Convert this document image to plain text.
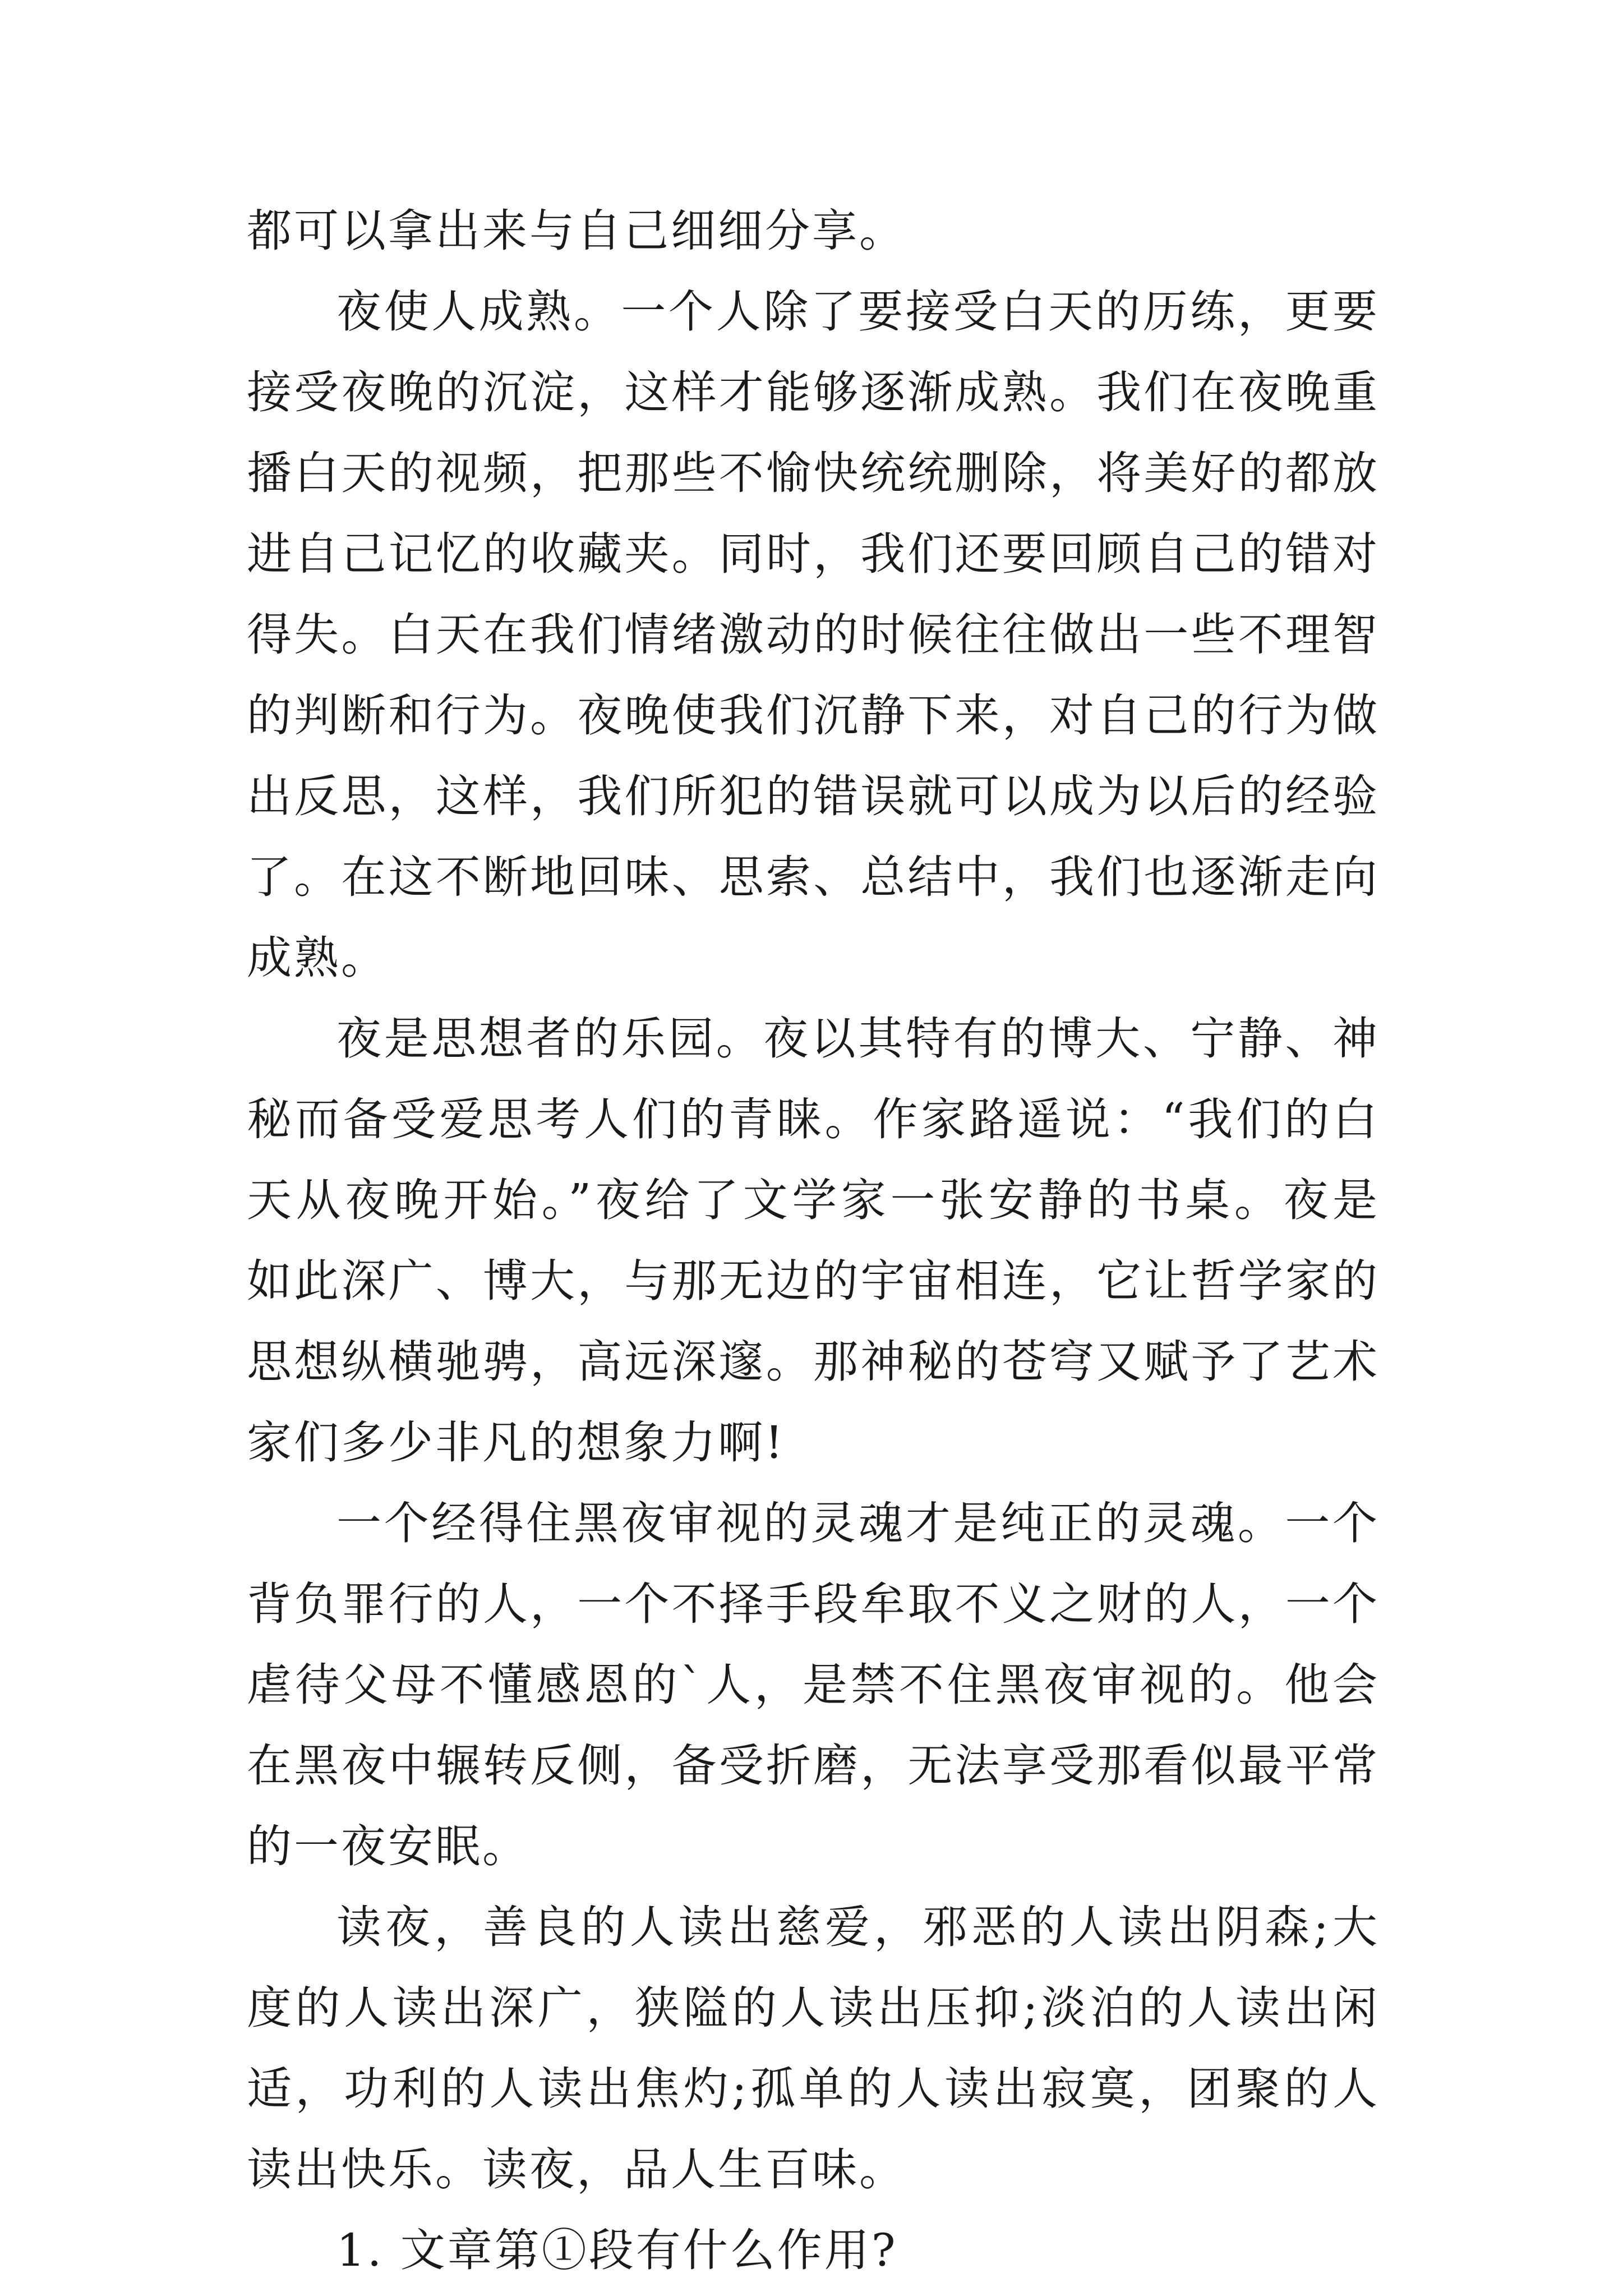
都可以拿出来与自己细细分享。

夜使人成熟。一个人除了要接受白天的历练，更要接受夜晚的沉淀，这样才能够逐渐成熟。我们在夜晚重播白天的视频，把那些不愉快统统删除，将美好的都放进自己记忆的收藏夹。同时，我们还要回顾自己的错对得失。白天在我们情绪激动的时候往往做出一些不理智的判断和行为。夜晚使我们沉静下来，对自己的行为做出反思，这样，我们所犯的错误就可以成为以后的经验了。在这不断地回味、思索、总结中，我们也逐渐走向成熟。

夜是思想者的乐园。夜以其特有的博大、宁静、神秘而备受爱思考人们的青睐。作家路遥说：“我们的白天从夜晚开始。”夜给了文学家一张安静的书桌。夜是如此深广、博大，与那无边的宇宙相连，它让哲学家的思想纵横驰骋，高远深邃。那神秘的苍穹又赋予了艺术家们多少非凡的想象力啊!

一个经得住黑夜审视的灵魂才是纯正的灵魂。一个背负罪行的人，一个不择手段牟取不义之财的人，一个虐待父母不懂感恩的`人，是禁不住黑夜审视的。他会在黑夜中辗转反侧，备受折磨，无法享受那看似最平常的一夜安眠。

读夜，善良的人读出慈爱，邪恶的人读出阴森;大度的人读出深广，狭隘的人读出压抑;淡泊的人读出闲适，功利的人读出焦灼;孤单的人读出寂寞，团聚的人读出快乐。读夜，品人生百味。

1. 文章第①段有什么作用?
